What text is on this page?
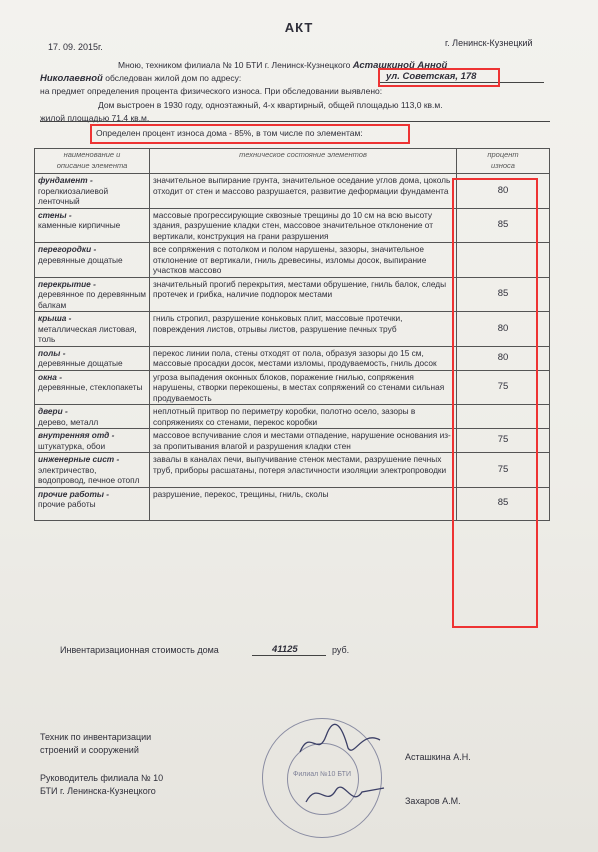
АКТ
17. 09. 2015г.	г. Ленинск-Кузнецкий
Мною, техником филиала № 10 БТИ г. Ленинск-Кузнецкого Асташкиной Анной
Николаевной обследован жилой дом по адресу:	ул. Советская, 178
на предмет определения процента физического износа. При обследовании выявлено:
Дом выстроен в 1930 году, одноэтажный, 4-х квартирный, общей площадью 113,0 кв.м.
жилой площадью 71,4 кв.м.
Определен процент износа дома - 85%, в том числе по элементам:
наименование и
описание элемента	техническое состояние элементов	процент
износа

фундамент -
горелкиозалиевой ленточный	значительное выпирание грунта, значительное оседание углов дома, цоколь отходит от стен и массово разрушается, развитие деформации фундамента	80

стены -
каменные кирпичные	массовые прогрессирующие сквозные трещины до 10 см на всю высоту здания, разрушение кладки стен, массовое значительное отклонение от вертикали, конструкция на грани разрушения	85

перегородки -
деревянные дощатые	все сопряжения с потолком и полом нарушены, зазоры, значительное отклонение от вертикали, гниль древесины, изломы досок, выпирание участков массово	

перекрытие -
деревянное по деревянным балкам	значительный прогиб перекрытия, местами обрушение, гниль балок, следы протечек и грибка, наличие подпорок местами	85

крыша -
металлическая листовая, толь	гниль стропил, разрушение коньковых плит, массовые протечки, повреждения листов, отрывы листов, разрушение печных труб	80

полы -
деревянные дощатые	перекос линии пола, стены отходят от пола, образуя зазоры до 15 см, массовые просадки досок, местами изломы, продуваемость, гниль досок	80

окна -
деревянные, стеклопакеты	угроза выпадения оконных блоков, поражение гнилью, сопряжения нарушены, створки перекошены, в местах сопряжений со стенами сильная продуваемость	75

двери -
дерево, металл	неплотный притвор по периметру коробки, полотно осело, зазоры в сопряжениях со стенами, перекос коробки	

внутренняя отд -
штукатурка, обои	массовое вспучивание слоя и местами отпадение, нарушение основания из-за пропитывания влагой и разрушения кладки стен	75

инженерные сист -
электричество, водопровод, печное отопл	завалы в каналах печи, выпучивание стенок местами, разрушение печных труб, приборы расшатаны, потеря эластичности изоляции электропроводки	75

прочие работы -
прочие работы	разрушение, перекос, трещины, гниль, сколы	85
Инвентаризационная стоимость дома	41125	руб.
Техник по инвентаризации
строений и сооружений
Асташкина А.Н.
Руководитель филиала № 10
БТИ г. Ленинска-Кузнецкого
Захаров А.М.
Филиал №10 БТИ
